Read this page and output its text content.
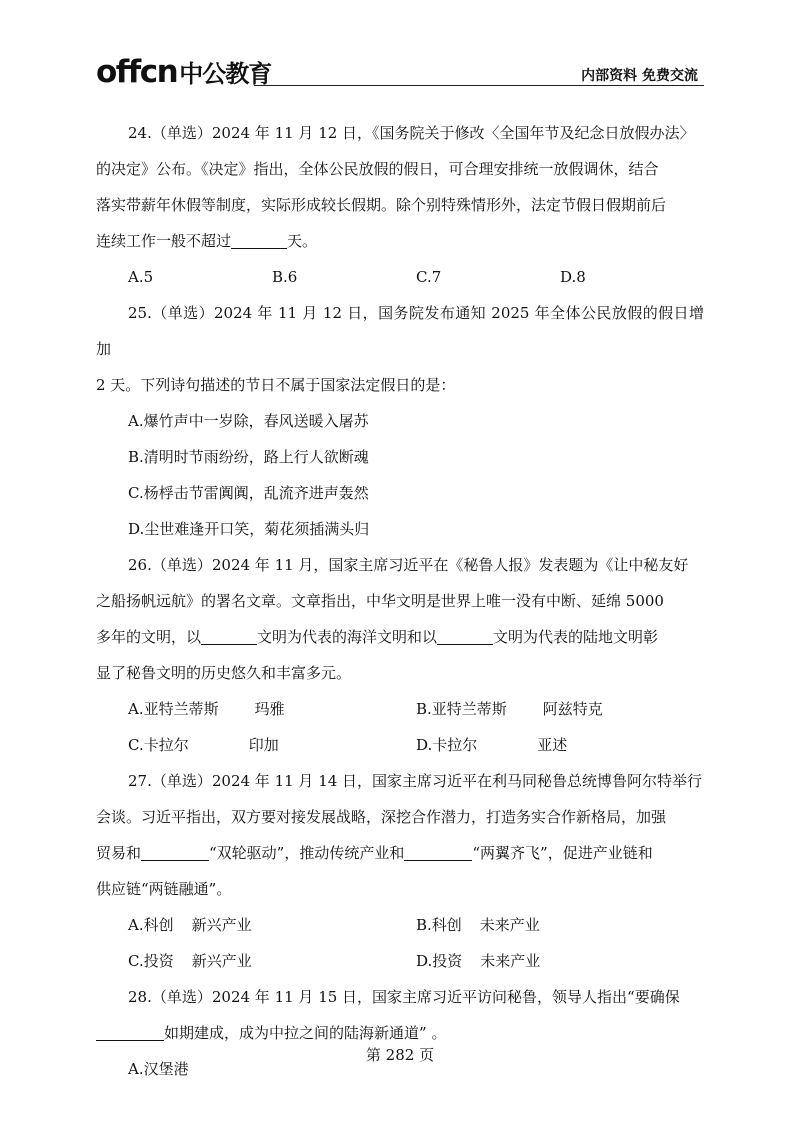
offcn 中公教育	内部资料 免费交流

24.（单选）2024 年 11 月 12 日，《国务院关于修改〈全国年节及纪念日放假办法〉

的决定》公布。《决定》指出，全体公民放假的假日，可合理安排统一放假调休，结合

落实带薪年休假等制度，实际形成较长假期。除个别特殊情形外，法定节假日假期前后

连续工作一般不超过	天。

A.5	B.6	C.7	D.8

25.（单选）2024 年 11 月 12 日，国务院发布通知 2025 年全体公民放假的假日增加

2 天。下列诗句描述的节日不属于国家法定假日的是：

A.爆竹声中一岁除，春风送暖入屠苏

B.清明时节雨纷纷，路上行人欲断魂

C.杨桴击节雷阗阗，乱流齐进声轰然

D.尘世难逢开口笑，菊花须插满头归

26.（单选）2024 年 11 月，国家主席习近平在《秘鲁人报》发表题为《让中秘友好

之船扬帆远航》的署名文章。文章指出，中华文明是世界上唯一没有中断、延绵 5000

多年的文明，以	文明为代表的海洋文明和以	文明为代表的陆地文明彰

显了秘鲁文明的历史悠久和丰富多元。

A.亚特兰蒂斯 玛雅	B.亚特兰蒂斯 阿兹特克
C.卡拉尔	印加	D.卡拉尔	亚述

27.（单选）2024 年 11 月 14 日，国家主席习近平在利马同秘鲁总统博鲁阿尔特举行

会谈。习近平指出，双方要对接发展战略，深挖合作潜力，打造务实合作新格局，加强

贸易和	“双轮驱动”，推动传统产业和	“两翼齐飞”，促进产业链和

供应链“两链融通”。

A.科创 新兴产业	B.科创 未来产业
C.投资 新兴产业	D.投资 未来产业

28.（单选）2024 年 11 月 15 日，国家主席习近平访问秘鲁，领导人指出“要确保

如期建成，成为中拉之间的陆海新通道” 。

A.汉堡港

第 282 页
